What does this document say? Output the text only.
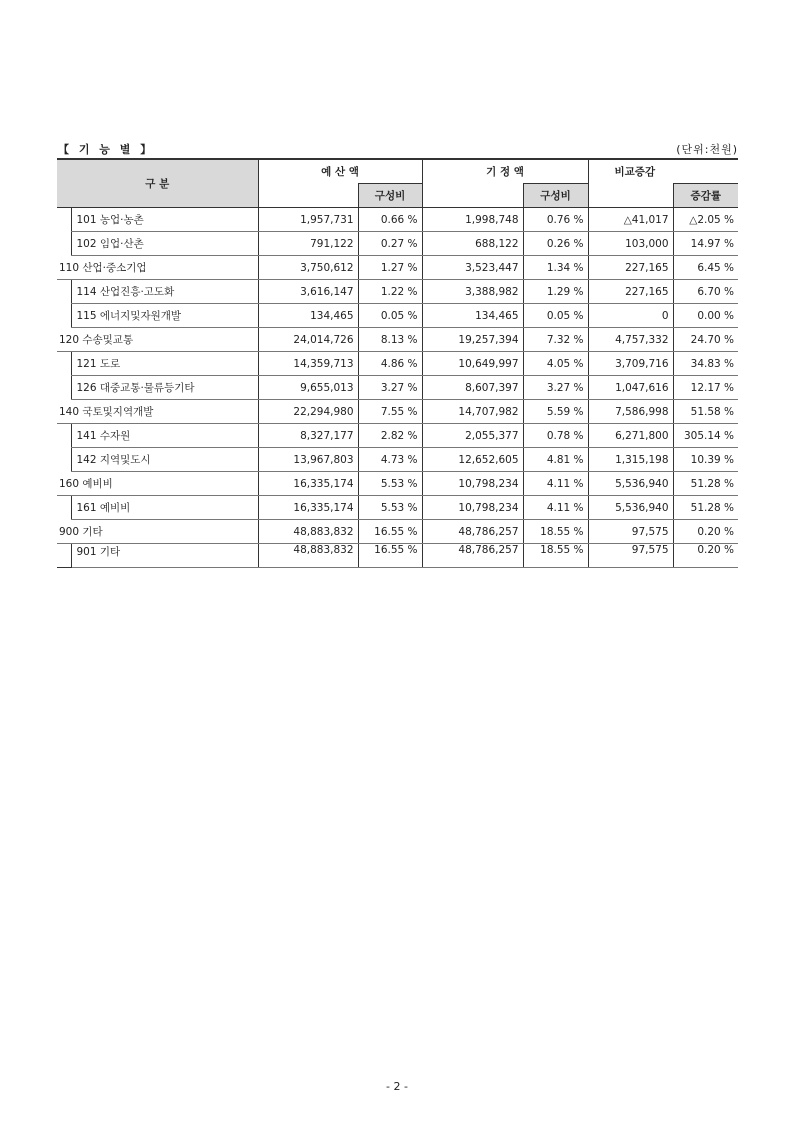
【 기 능 별 】	(단위:천원)
구 분		예 산 액		기 정 액		비교증감	
			구성비		구성비		증감률
	101 농업·농촌	1,957,731	0.66 %	1,998,748	0.76 %	△41,017	△2.05 %
	102 임업·산촌	791,122	0.27 %	688,122	0.26 %	103,000	14.97 %
110 산업·중소기업		3,750,612	1.27 %	3,523,447	1.34 %	227,165	6.45 %
	114 산업진흥·고도화	3,616,147	1.22 %	3,388,982	1.29 %	227,165	6.70 %
	115 에너지및자원개발	134,465	0.05 %	134,465	0.05 %	0	0.00 %
120 수송및교통		24,014,726	8.13 %	19,257,394	7.32 %	4,757,332	24.70 %
	121 도로	14,359,713	4.86 %	10,649,997	4.05 %	3,709,716	34.83 %
	126 대중교통·물류등기타	9,655,013	3.27 %	8,607,397	3.27 %	1,047,616	12.17 %
140 국토및지역개발		22,294,980	7.55 %	14,707,982	5.59 %	7,586,998	51.58 %
	141 수자원	8,327,177	2.82 %	2,055,377	0.78 %	6,271,800	305.14 %
	142 지역및도시	13,967,803	4.73 %	12,652,605	4.81 %	1,315,198	10.39 %
160 예비비		16,335,174	5.53 %	10,798,234	4.11 %	5,536,940	51.28 %
	161 예비비	16,335,174	5.53 %	10,798,234	4.11 %	5,536,940	51.28 %
900 기타		48,883,832	16.55 %	48,786,257	18.55 %	97,575	0.20 %
	901 기타	48,883,832	16.55 %	48,786,257	18.55 %	97,575	0.20 %
- 2 -
